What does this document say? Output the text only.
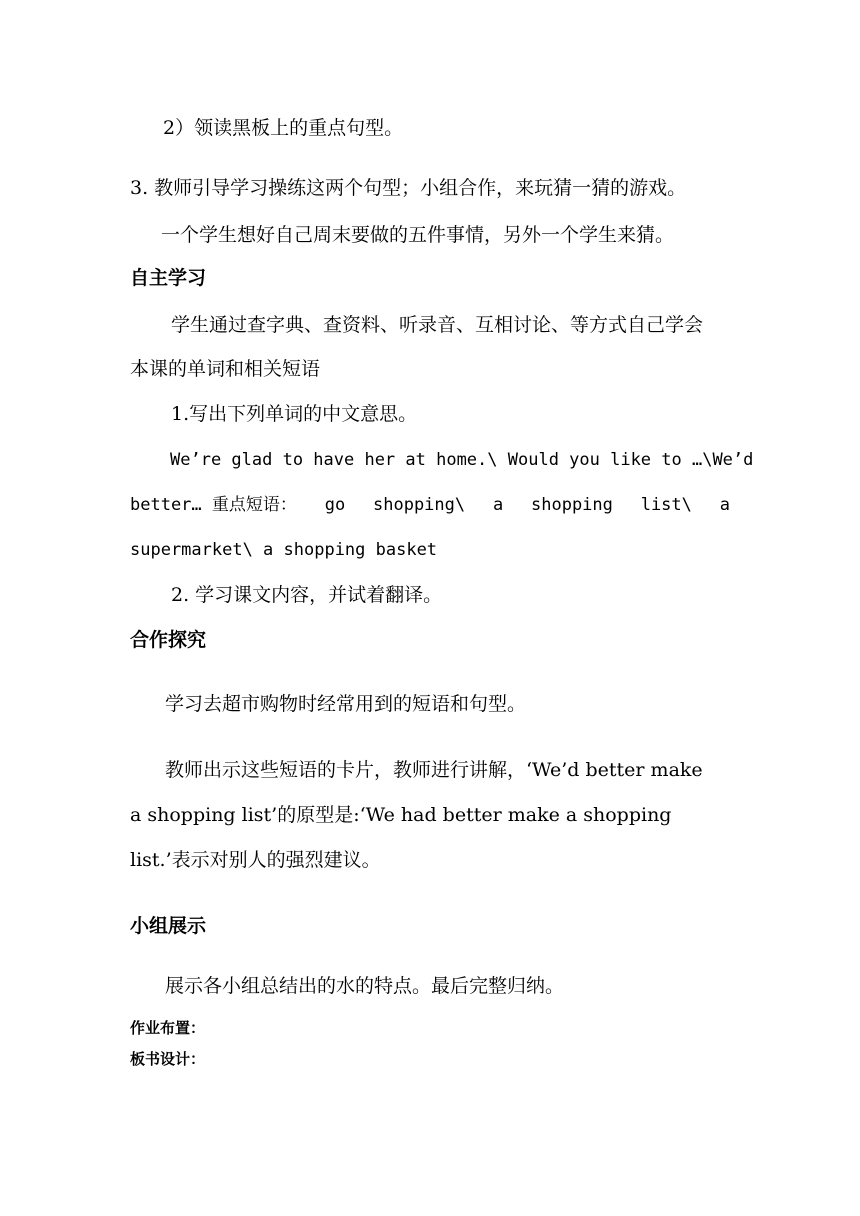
2）领读黑板上的重点句型。
3. 教师引导学习操练这两个句型；小组合作，来玩猜一猜的游戏。
一个学生想好自己周末要做的五件事情，另外一个学生来猜。
自主学习
学生通过查字典、查资料、听录音、互相讨论、等方式自己学会
本课的单词和相关短语
1.写出下列单词的中文意思。
We’re glad to have her at home.\ Would you like to …\We’d
better… 重点短语： go shopping\ a shopping list\ a
supermarket\ a shopping basket
2. 学习课文内容，并试着翻译。
合作探究
学习去超市购物时经常用到的短语和句型。
教师出示这些短语的卡片，教师进行讲解，‘We’d better make
a shopping list’的原型是:‘We had better make a shopping
list.’表示对别人的强烈建议。
小组展示
展示各小组总结出的水的特点。最后完整归纳。
作业布置：
板书设计：
